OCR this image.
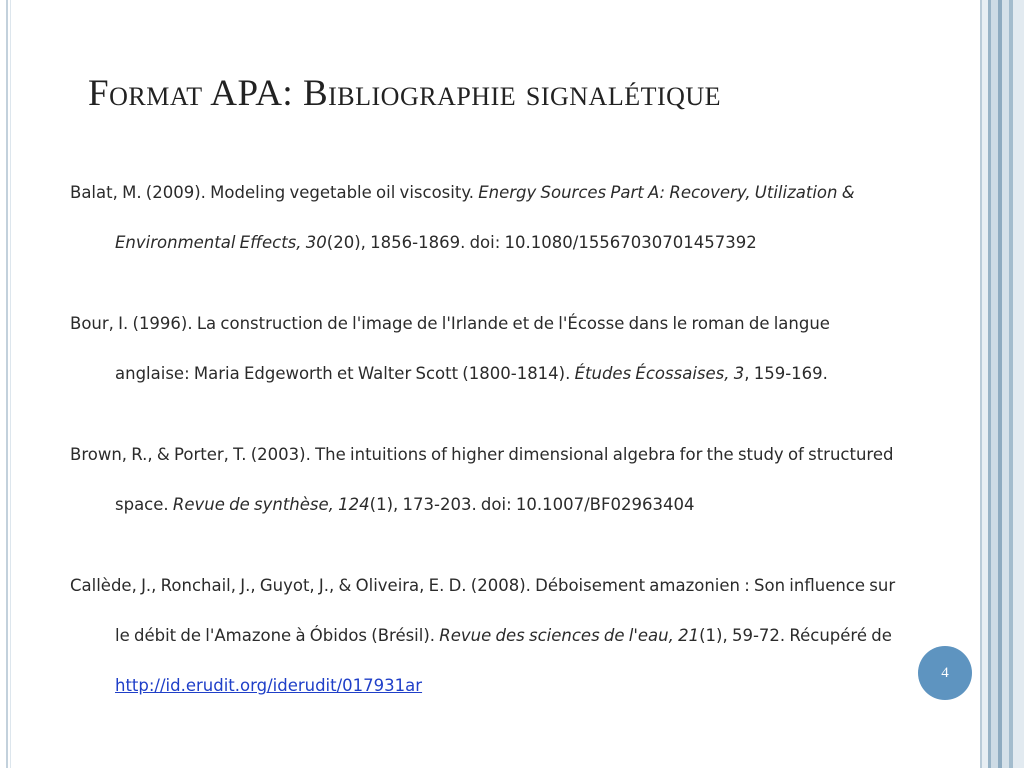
Format APA: Bibliographie signalétique

Balat, M. (2009). Modeling vegetable oil viscosity. Energy Sources Part A: Recovery, Utilization & Environmental Effects, 30(20), 1856-1869. doi: 10.1080/15567030701457392

Bour, I. (1996). La construction de l'image de l'Irlande et de l'Écosse dans le roman de langue anglaise: Maria Edgeworth et Walter Scott (1800-1814). Études Écossaises, 3, 159-169.

Brown, R., & Porter, T. (2003). The intuitions of higher dimensional algebra for the study of structured space. Revue de synthèse, 124(1), 173-203. doi: 10.1007/BF02963404

Callède, J., Ronchail, J., Guyot, J., & Oliveira, E. D. (2008). Déboisement amazonien : Son influence sur le débit de l'Amazone à Óbidos (Brésil). Revue des sciences de l'eau, 21(1), 59-72. Récupéré de http://id.erudit.org/iderudit/017931ar

4
